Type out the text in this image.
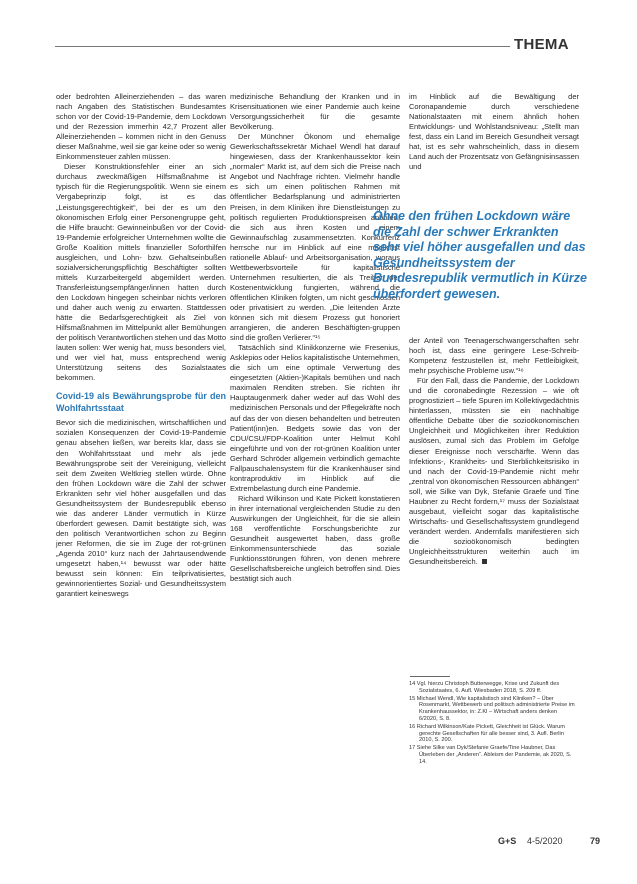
THEMA

oder bedrohten Alleinerziehenden – das waren nach Angaben des Statistischen Bundesamtes schon vor der Covid-19-Pandemie, dem Lockdown und der Rezession immerhin 42,7 Prozent aller Alleinerziehenden – kommen nicht in den Genuss dieser Maßnahme, weil sie gar keine oder so wenig Einkommensteuer zahlen müssen.

Dieser Konstruktionsfehler einer an sich durchaus zweckmäßigen Hilfsmaßnahme ist typisch für die Regierungspolitik. Wenn sie einem Vergabeprinzip folgt, ist es das „Leistungsgerechtigkeit“, bei der es um den ökonomischen Erfolg einer Personengruppe geht, die Hilfe braucht: Gewinneinbußen vor der Covid-19-Pandemie erfolgreicher Unternehmen wollte die Große Koalition mittels finanzieller Soforthilfen ausgleichen, und Lohn- bzw. Gehaltseinbußen sozialversicherungspflichtig Beschäftigter sollten mittels Kurzarbeitergeld abgemildert werden. Transferleistungsempfänger/innen hatten durch den Lockdown hingegen scheinbar nichts verloren und daher auch wenig zu erwarten. Stattdessen hätte die Bedarfsgerechtigkeit als Ziel von Hilfsmaßnahmen im Mittelpunkt aller Bemühungen der politisch Verantwortlichen stehen und das Motto lauten sollen: Wer wenig hat, muss besonders viel, und wer viel hat, muss entsprechend wenig Unterstützung seitens des Sozialstaates bekommen.

Covid-19 als Bewährungsprobe für den Wohlfahrtsstaat

Bevor sich die medizinischen, wirtschaftlichen und sozialen Konsequenzen der Covid-19-Pandemie genau absehen ließen, war bereits klar, dass sie den Wohlfahrtsstaat und mehr als jede Bewährungsprobe seit der Vereinigung, vielleicht seit dem Zweiten Weltkrieg stellen würde. Ohne den frühen Lockdown wäre die Zahl der schwer Erkrankten sehr viel höher ausgefallen und das Gesundheitssystem der Bundesrepublik ebenso wie das anderer Länder vermutlich in Kürze überfordert gewesen. Damit bestätigte sich, was den politisch Verantwortlichen schon zu Beginn jener Reformen, die sie im Zuge der rot-grünen „Agenda 2010“ kurz nach der Jahrtausendwende umgesetzt haben,¹⁴ bewusst war oder hätte bewusst sein können: Ein teilprivatisiertes, gewinnorientiertes Sozial- und Gesundheitssystem garantiert keineswegs

medizinische Behandlung der Kranken und in Krisensituationen wie einer Pandemie auch keine Versorgungssicherheit für die gesamte Bevölkerung.

Der Münchner Ökonom und ehemalige Gewerkschaftssekretär Michael Wendl hat darauf hingewiesen, dass der Krankenhaussektor kein „normaler“ Markt ist, auf dem sich die Preise nach Angebot und Nachfrage richten. Vielmehr handle es sich um einen politischen Rahmen mit öffentlicher Bedarfsplanung und administrierten Preisen, in dem Kliniken ihre Dienstleistungen zu politisch regulierten Produktionspreisen anböten, die sich aus ihren Kosten und einem Gewinnaufschlag zusammensetzten. Konkurrenz herrsche nur im Hinblick auf eine möglichst rationelle Ablauf- und Arbeitsorganisation, woraus Wettbewerbsvorteile für kapitalistische Unternehmen resultierten, die als Treiber der Kostenentwicklung fungierten, während die öffentlichen Kliniken folgten, um nicht geschlossen oder privatisiert zu werden. „Die leitenden Ärzte können sich mit diesem Prozess gut honoriert arrangieren, die anderen Beschäftigten-gruppen sind die großen Verlierer.“¹⁵

Tatsächlich sind Klinikkonzerne wie Fresenius, Asklepios oder Helios kapitalistische Unternehmen, die sich um eine optimale Verwertung des eingesetzten (Aktien-)Kapitals bemühen und nach maximalen Renditen streben. Sie richten ihr Hauptaugenmerk daher weder auf das Wohl des medizinischen Personals und der Pflegekräfte noch auf das der von diesen behandelten und betreuten Patient(inn)en. Bedgets sowie das von der CDU/CSU/FDP-Koalition unter Helmut Kohl eingeführte und von der rot-grünen Koalition unter Gerhard Schröder allgemein verbindlich gemachte Fallpauschalensystem für die Krankenhäuser sind kontraproduktiv im Hinblick auf die Extrembelastung durch eine Pandemie.

Richard Wilkinson und Kate Pickett konstatieren in ihrer international vergleichenden Studie zu den Auswirkungen der Ungleichheit, für die sie allein 168 veröffentlichte Forschungsberichte zur Gesundheit ausgewertet haben, dass große Einkommensunterschiede das soziale Funktionsstörungen führen, von denen mehrere Gesellschaftsbereiche ungleich betroffen sind. Dies bestätigt sich auch

im Hinblick auf die Bewältigung der Coronapandemie durch verschiedene Nationalstaaten mit einem ähnlich hohen Entwicklungs- und Wohlstandsniveau: „Stellt man fest, dass ein Land im Bereich Gesundheit versagt hat, ist es sehr wahrscheinlich, dass in diesem Land auch der Prozentsatz von Gefängnisinsassen und

Ohne den frühen Lockdown wäre die Zahl der schwer Erkrankten sehr viel höher ausgefallen und das Gesundheitssystem der Bundesrepublik vermutlich in Kürze überfordert gewesen.

der Anteil von Teenagerschwangerschaften sehr hoch ist, dass eine geringere Lese-Schreib-Kompetenz festzustellen ist, mehr Fettleibigkeit, mehr psychische Probleme usw.“¹⁶

Für den Fall, dass die Pandemie, der Lockdown und die coronabedingte Rezession – wie oft prognostiziert – tiefe Spuren im Kollektivgedächtnis hinterlassen, müssten sie ein nachhaltige öffentliche Debatte über die sozioökonomischen Ungleichheit und Möglichkeiten ihrer Reduktion auslösen, zumal sich das Problem im Gefolge dieser Ereignisse noch verschärfte. Wenn das Infektions-, Krankheits- und Sterblichkeitsrisiko in und nach der Covid-19-Pandemie nicht mehr „zentral von ökonomischen Ressourcen abhängen“ soll, wie Silke van Dyk, Stefanie Graefe und Tine Haubner zu Recht fordern,¹⁷ muss der Sozialstaat ausgebaut, vielleicht sogar das kapitalistische Wirtschafts- und Gesellschaftssystem grundlegend verändert werden. Andernfalls manifestieren sich die sozioökonomisch bedingten Ungleichheitsstrukturen weiterhin auch im Gesundheitsbereich.

14 Vgl. hierzu Christoph Butterwegge, Krise und Zukunft des Sozialstaates, 6. Aufl. Wiesbaden 2018, S. 209 ff.
15 Michael Wendl, Wie kapitalistisch sind Kliniken? – Über Rosenmarkt, Wettbewerb und politisch administrierte Preise im Krankenhaussektor, in: Z.Kl – Wirtschaft anders denken 6/2020, S. 8.
16 Richard Wilkinson/Kate Pickett, Gleichheit ist Glück. Warum gerechte Gesellschaften für alle besser sind, 3. Aufl. Berlin 2010, S. 200.
17 Siehe Silke van Dyk/Stefanie Graefe/Tine Haubner, Das Überleben der „Anderen“. Ableism der Pandemie, ak 2020, S. 14.
G+S 4-5/2020	79
